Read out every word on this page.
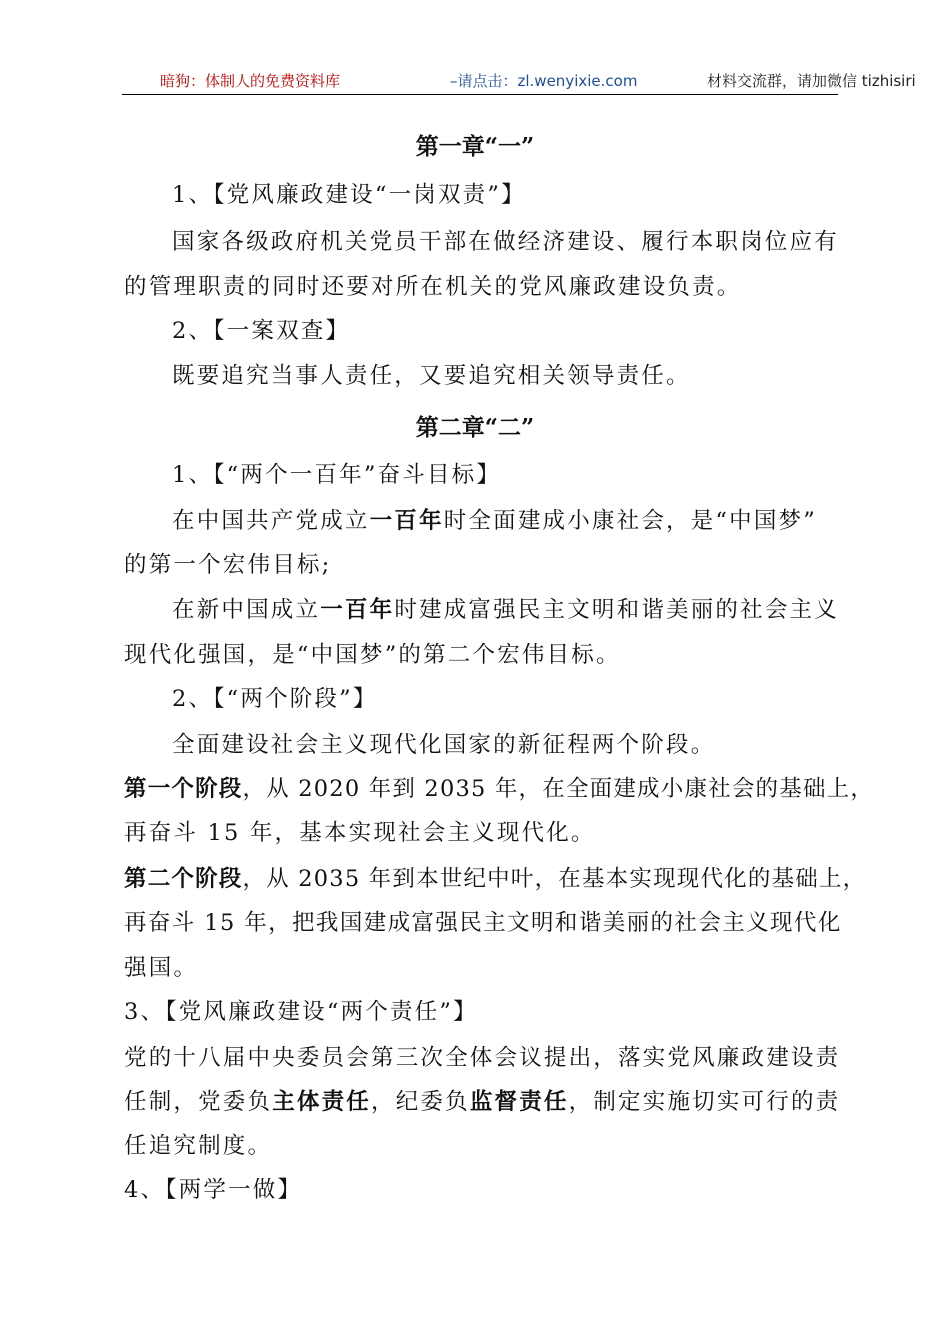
暗狗：体制人的免费资料库	–请点击：zl.wenyixie.com	材料交流群，请加微信 tizhisiri
第一章“一”
1、【党风廉政建设“一岗双责”】
国家各级政府机关党员干部在做经济建设、履行本职岗位应有
的管理职责的同时还要对所在机关的党风廉政建设负责。
2、【一案双查】
既要追究当事人责任，又要追究相关领导责任。
第二章“二”
1、【“两个一百年”奋斗目标】
在中国共产党成立一百年时全面建成小康社会，是“中国梦”
的第一个宏伟目标;
在新中国成立一百年时建成富强民主文明和谐美丽的社会主义
现代化强国，是“中国梦”的第二个宏伟目标。
2、【“两个阶段”】
全面建设社会主义现代化国家的新征程两个阶段。
第一个阶段，从 2020 年到 2035 年，在全面建成小康社会的基础上，
再奋斗 15 年，基本实现社会主义现代化。
第二个阶段，从 2035 年到本世纪中叶，在基本实现现代化的基础上，
再奋斗 15 年，把我国建成富强民主文明和谐美丽的社会主义现代化
强国。
3、【党风廉政建设“两个责任”】
党的十八届中央委员会第三次全体会议提出，落实党风廉政建设责
任制，党委负主体责任，纪委负监督责任，制定实施切实可行的责
任追究制度。
4、【两学一做】
